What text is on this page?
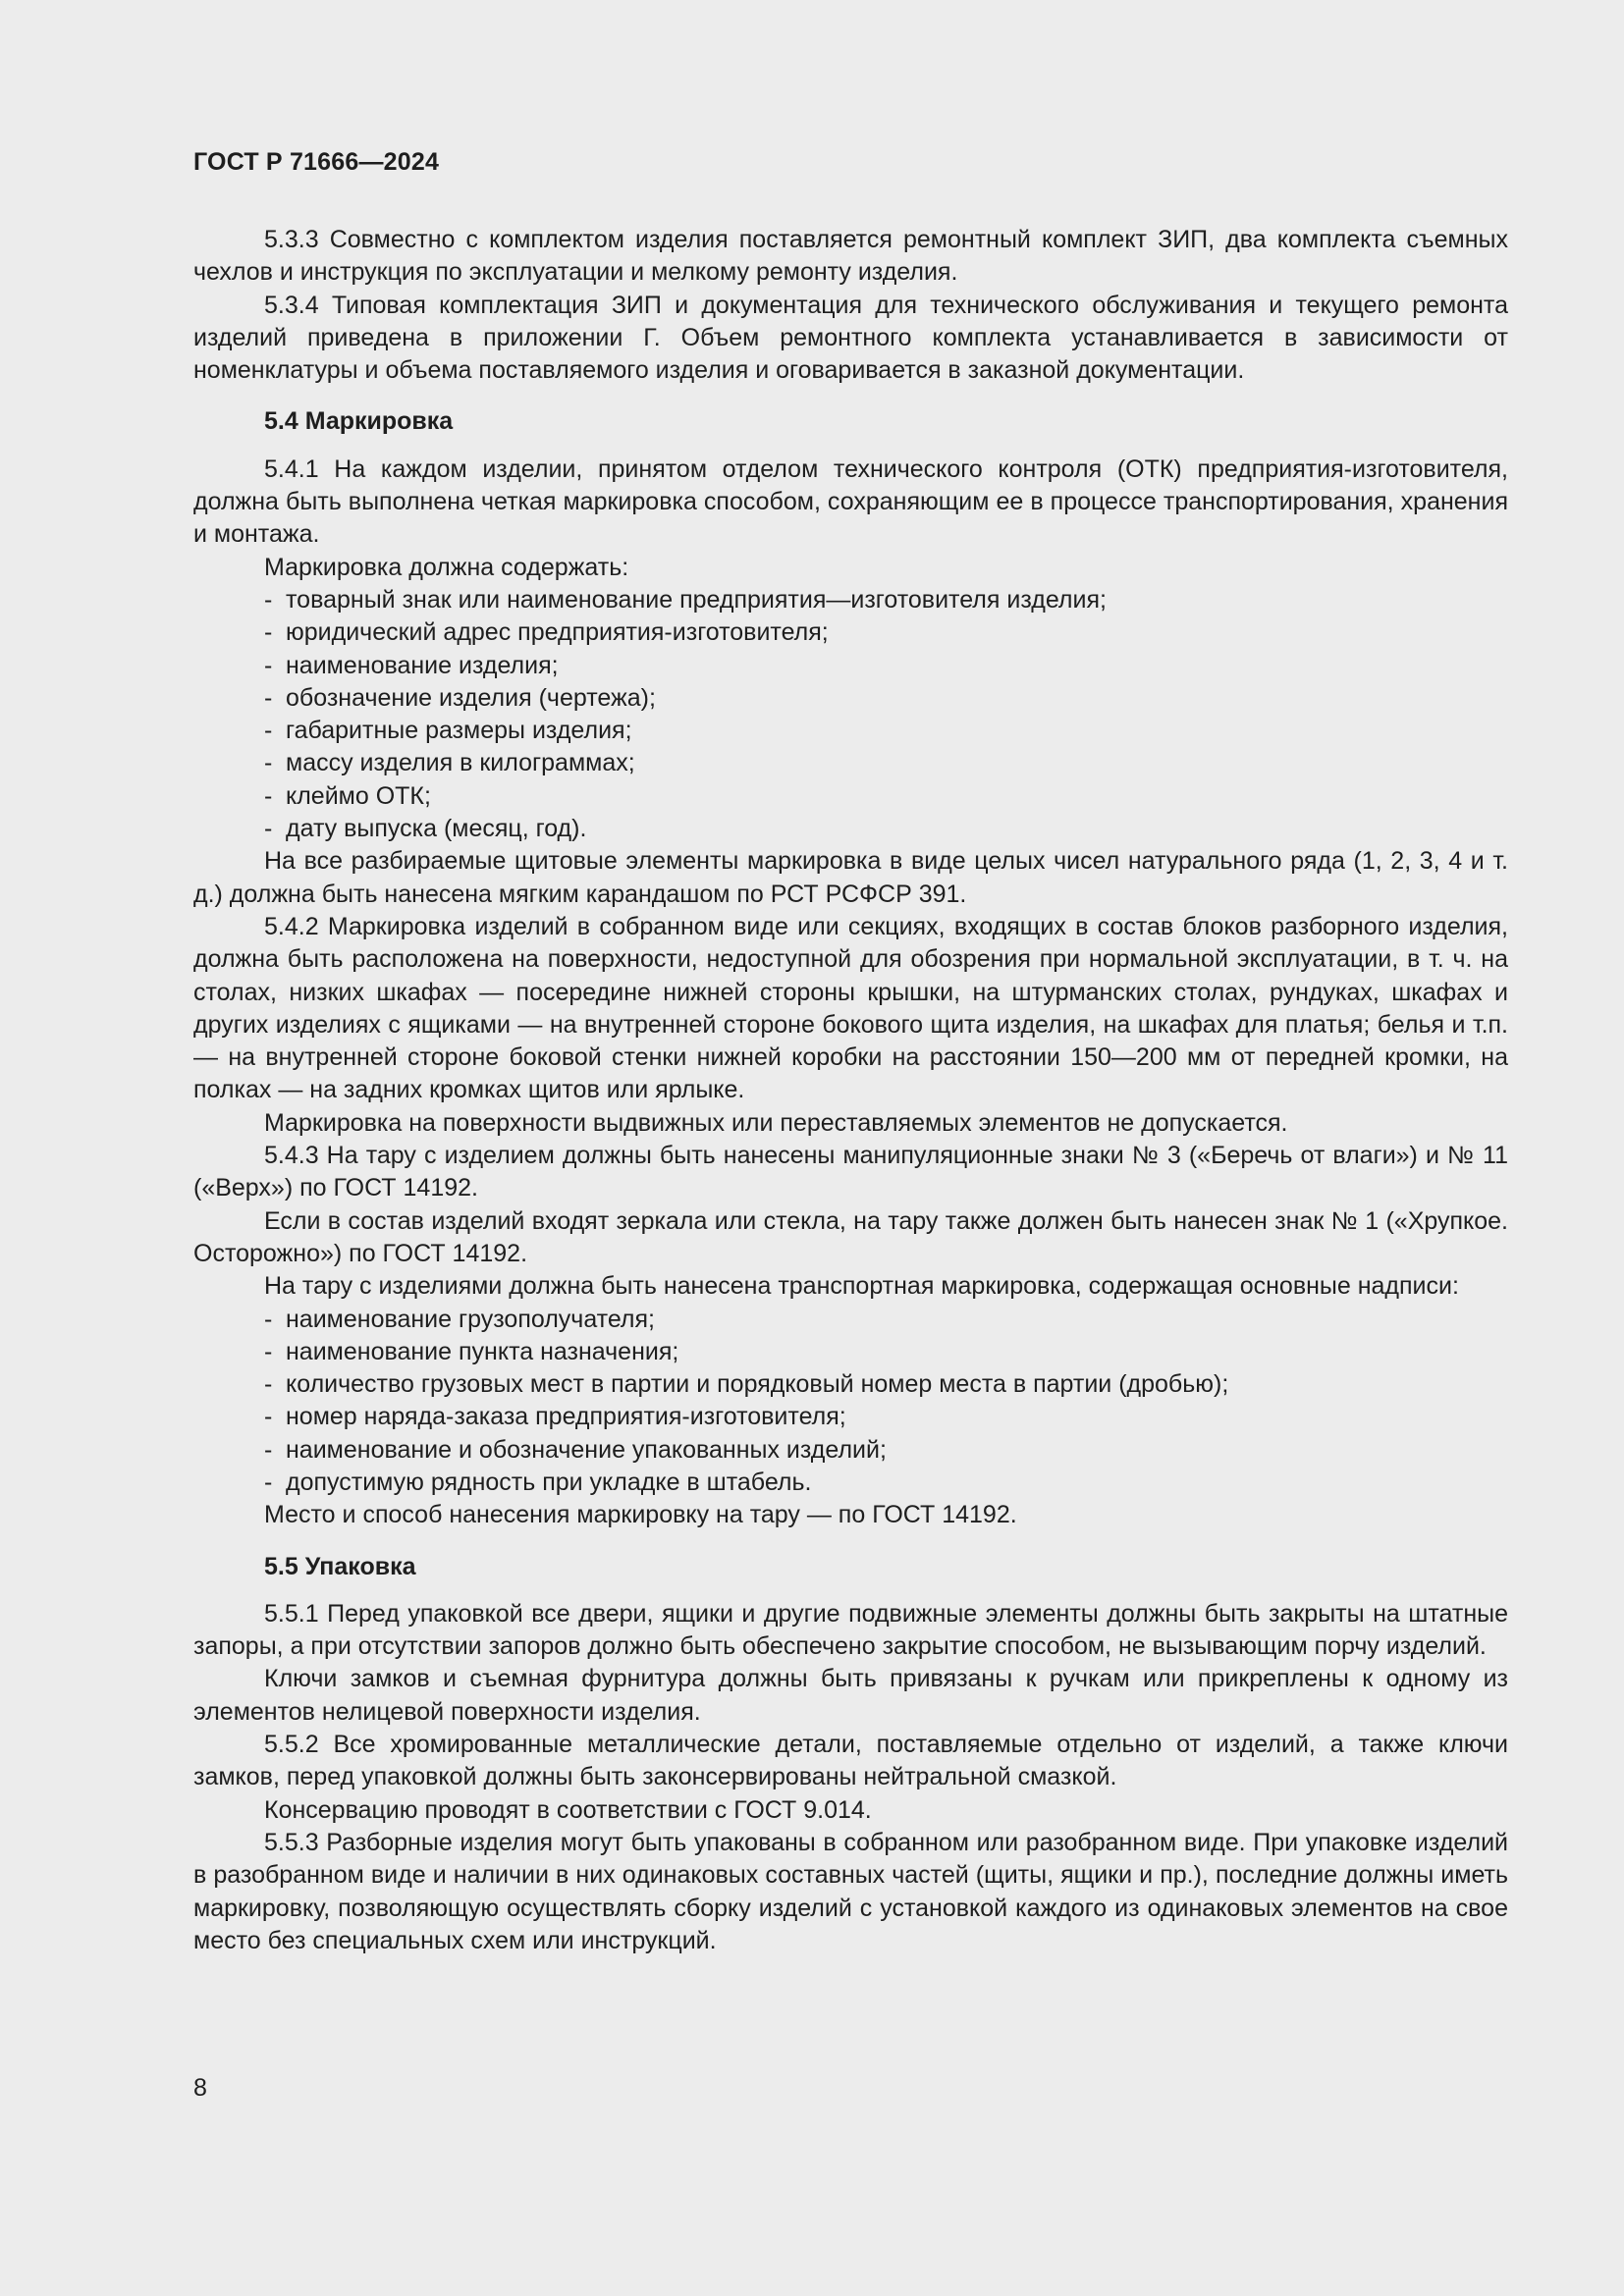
ГОСТ Р 71666—2024

5.3.3 Совместно с комплектом изделия поставляется ремонтный комплект ЗИП, два комплекта съемных чехлов и инструкция по эксплуатации и мелкому ремонту изделия.

5.3.4 Типовая комплектация ЗИП и документация для технического обслуживания и текущего ремонта изделий приведена в приложении Г. Объем ремонтного комплекта устанавливается в зависимости от номенклатуры и объема поставляемого изделия и оговаривается в заказной документации.

5.4 Маркировка

5.4.1 На каждом изделии, принятом отделом технического контроля (ОТК) предприятия-изготовителя, должна быть выполнена четкая маркировка способом, сохраняющим ее в процессе транспортирования, хранения и монтажа.

Маркировка должна содержать:

- товарный знак или наименование предприятия—изготовителя изделия;
- юридический адрес предприятия-изготовителя;
- наименование изделия;
- обозначение изделия (чертежа);
- габаритные размеры изделия;
- массу изделия в килограммах;
- клеймо ОТК;
- дату выпуска (месяц, год).

На все разбираемые щитовые элементы маркировка в виде целых чисел натурального ряда (1, 2, 3, 4 и т. д.) должна быть нанесена мягким карандашом по РСТ РСФСР 391.

5.4.2 Маркировка изделий в собранном виде или секциях, входящих в состав блоков разборного изделия, должна быть расположена на поверхности, недоступной для обозрения при нормальной эксплуатации, в т. ч. на столах, низких шкафах — посередине нижней стороны крышки, на штурманских столах, рундуках, шкафах и других изделиях с ящиками — на внутренней стороне бокового щита изделия, на шкафах для платья; белья и т.п. — на внутренней стороне боковой стенки нижней коробки на расстоянии 150—200 мм от передней кромки, на полках — на задних кромках щитов или ярлыке.

Маркировка на поверхности выдвижных или переставляемых элементов не допускается.

5.4.3 На тару с изделием должны быть нанесены манипуляционные знаки № 3 («Беречь от влаги») и № 11 («Верх») по ГОСТ 14192.

Если в состав изделий входят зеркала или стекла, на тару также должен быть нанесен знак № 1 («Хрупкое. Осторожно») по ГОСТ 14192.

На тару с изделиями должна быть нанесена транспортная маркировка, содержащая основные надписи:

- наименование грузополучателя;
- наименование пункта назначения;
- количество грузовых мест в партии и порядковый номер места в партии (дробью);
- номер наряда-заказа предприятия-изготовителя;
- наименование и обозначение упакованных изделий;
- допустимую рядность при укладке в штабель.

Место и способ нанесения маркировку на тару — по ГОСТ 14192.

5.5 Упаковка

5.5.1 Перед упаковкой все двери, ящики и другие подвижные элементы должны быть закрыты на штатные запоры, а при отсутствии запоров должно быть обеспечено закрытие способом, не вызывающим порчу изделий.

Ключи замков и съемная фурнитура должны быть привязаны к ручкам или прикреплены к одному из элементов нелицевой поверхности изделия.

5.5.2 Все хромированные металлические детали, поставляемые отдельно от изделий, а также ключи замков, перед упаковкой должны быть законсервированы нейтральной смазкой.

Консервацию проводят в соответствии с ГОСТ 9.014.

5.5.3 Разборные изделия могут быть упакованы в собранном или разобранном виде. При упаковке изделий в разобранном виде и наличии в них одинаковых составных частей (щиты, ящики и пр.), последние должны иметь маркировку, позволяющую осуществлять сборку изделий с установкой каждого из одинаковых элементов на свое место без специальных схем или инструкций.

8
